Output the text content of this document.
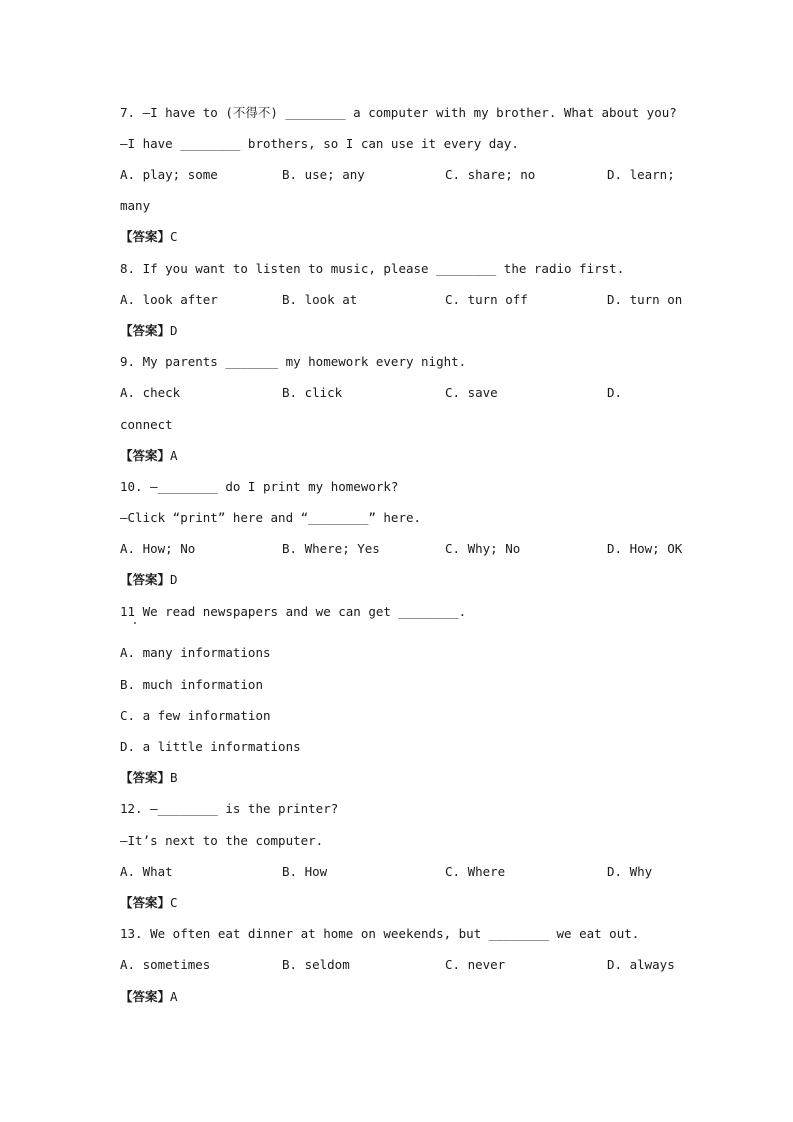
7. —I have to (不得不) ________ a computer with my brother. What about you?
—I have ________ brothers, so I can use it every day.
A. play; some	B. use; any	C. share; no	D. learn;
many
【答案】C
8. If you want to listen to music, please ________ the radio first.
A. look after	B. look at	C. turn off	D. turn on
【答案】D
9. My parents _______ my homework every night.
A. check	B. click	C. save	D.
connect
【答案】A
10. —________ do I print my homework?
—Click “print” here and “________” here.
A. How; No	B. Where; Yes	C. Why; No	D. How; OK
【答案】D
11 We read newspapers and we can get ________.
A. many informations
B. much information
C. a few information
D. a little informations
【答案】B
12. —________ is the printer?
—It’s next to the computer.
A. What	B. How	C. Where	D. Why
【答案】C
13. We often eat dinner at home on weekends, but ________ we eat out.
A. sometimes	B. seldom	C. never	D. always
【答案】A
